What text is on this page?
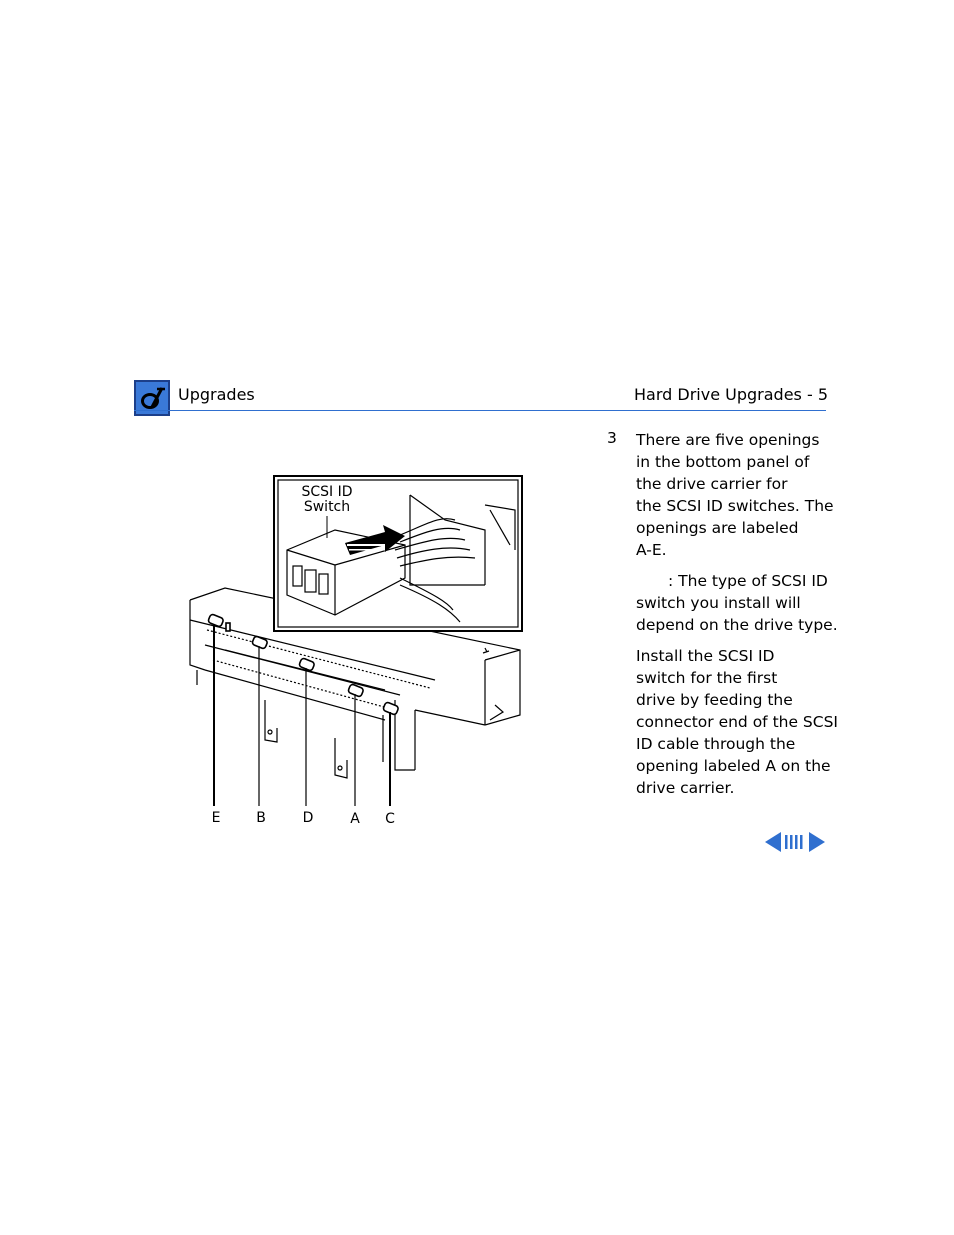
Upgrades	Hard Drive Upgrades - 5
3 There are five openings
in the bottom panel of
the drive carrier for
the SCSI ID switches. The
openings are labeled
A-E.

: The type of SCSI ID
switch you install will
depend on the drive type.

Install the SCSI ID
switch for the first
drive by feeding the
connector end of the SCSI
ID cable through the
opening labeled A on the
drive carrier.

E	B	D	A C
SCSI ID
Switch
